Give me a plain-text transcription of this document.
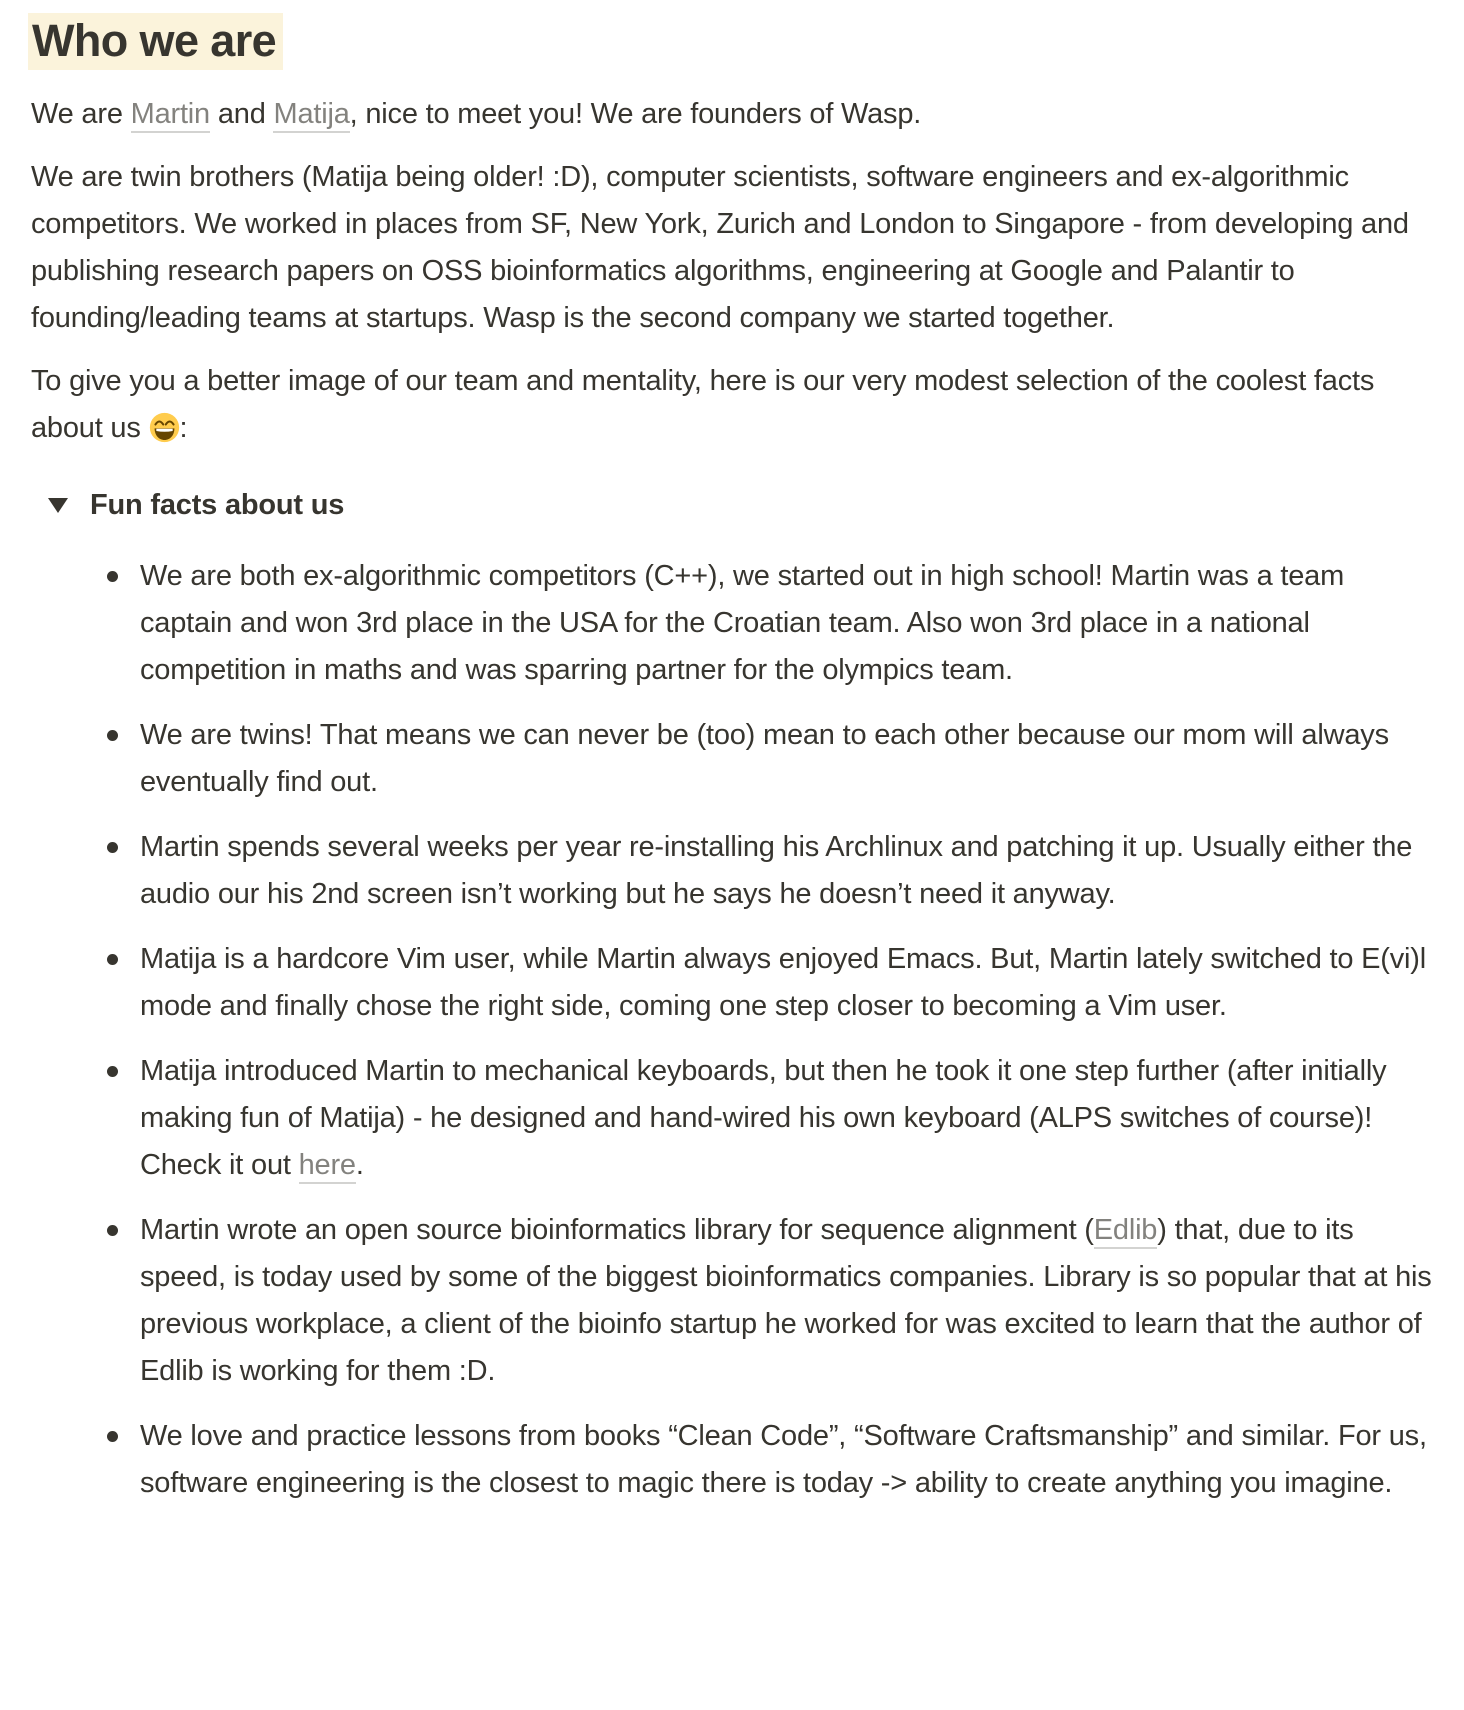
Who we are

We are Martin and Matija, nice to meet you! We are founders of Wasp.

We are twin brothers (Matija being older! :D), computer scientists, software engineers and ex-algorithmic competitors. We worked in places from SF, New York, Zurich and London to Singapore - from developing and publishing research papers on OSS bioinformatics algorithms, engineering at Google and Palantir to founding/leading teams at startups. Wasp is the second company we started together.

To give you a better image of our team and mentality, here is our very modest selection of the coolest facts about us :

Fun facts about us
We are both ex-algorithmic competitors (C++), we started out in high school! Martin was a team captain and won 3rd place in the USA for the Croatian team. Also won 3rd place in a national competition in maths and was sparring partner for the olympics team.
We are twins! That means we can never be (too) mean to each other because our mom will always eventually find out.
Martin spends several weeks per year re-installing his Archlinux and patching it up. Usually either the audio our his 2nd screen isn’t working but he says he doesn’t need it anyway.
Matija is a hardcore Vim user, while Martin always enjoyed Emacs. But, Martin lately switched to E(vi)l mode and finally chose the right side, coming one step closer to becoming a Vim user.
Matija introduced Martin to mechanical keyboards, but then he took it one step further (after initially making fun of Matija) - he designed and hand-wired his own keyboard (ALPS switches of course)! Check it out here.
Martin wrote an open source bioinformatics library for sequence alignment (Edlib) that, due to its speed, is today used by some of the biggest bioinformatics companies. Library is so popular that at his previous workplace, a client of the bioinfo startup he worked for was excited to learn that the author of Edlib is working for them :D.
We love and practice lessons from books “Clean Code”, “Software Craftsmanship” and similar. For us, software engineering is the closest to magic there is today -> ability to create anything you imagine.
